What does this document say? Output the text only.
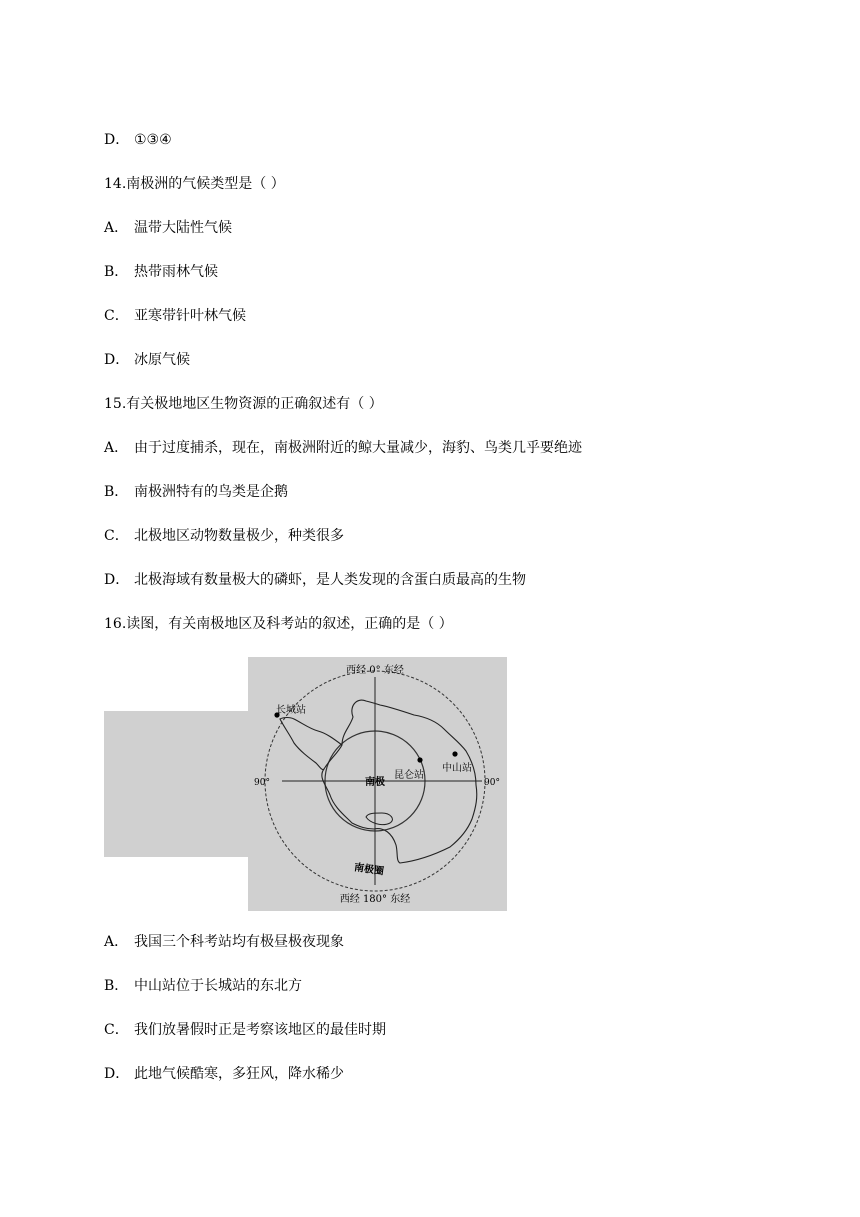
D． ①③④
14.南极洲的气候类型是（ ）
A． 温带大陆性气候
B． 热带雨林气候
C． 亚寒带针叶林气候
D． 冰原气候
15.有关极地地区生物资源的正确叙述有（ ）
A． 由于过度捕杀，现在，南极洲附近的鲸大量减少，海豹、鸟类几乎要绝迹
B． 南极洲特有的鸟类是企鹅
C． 北极地区动物数量极少，种类很多
D． 北极海域有数量极大的磷虾，是人类发现的含蛋白质最高的生物
16.读图，有关南极地区及科考站的叙述，正确的是（ ）
西经 0° 东经
西经 180° 东经
90°	90°
南极
南极圈
长城站
昆仑站
中山站
A． 我国三个科考站均有极昼极夜现象
B． 中山站位于长城站的东北方
C． 我们放暑假时正是考察该地区的最佳时期
D． 此地气候酷寒，多狂风，降水稀少
